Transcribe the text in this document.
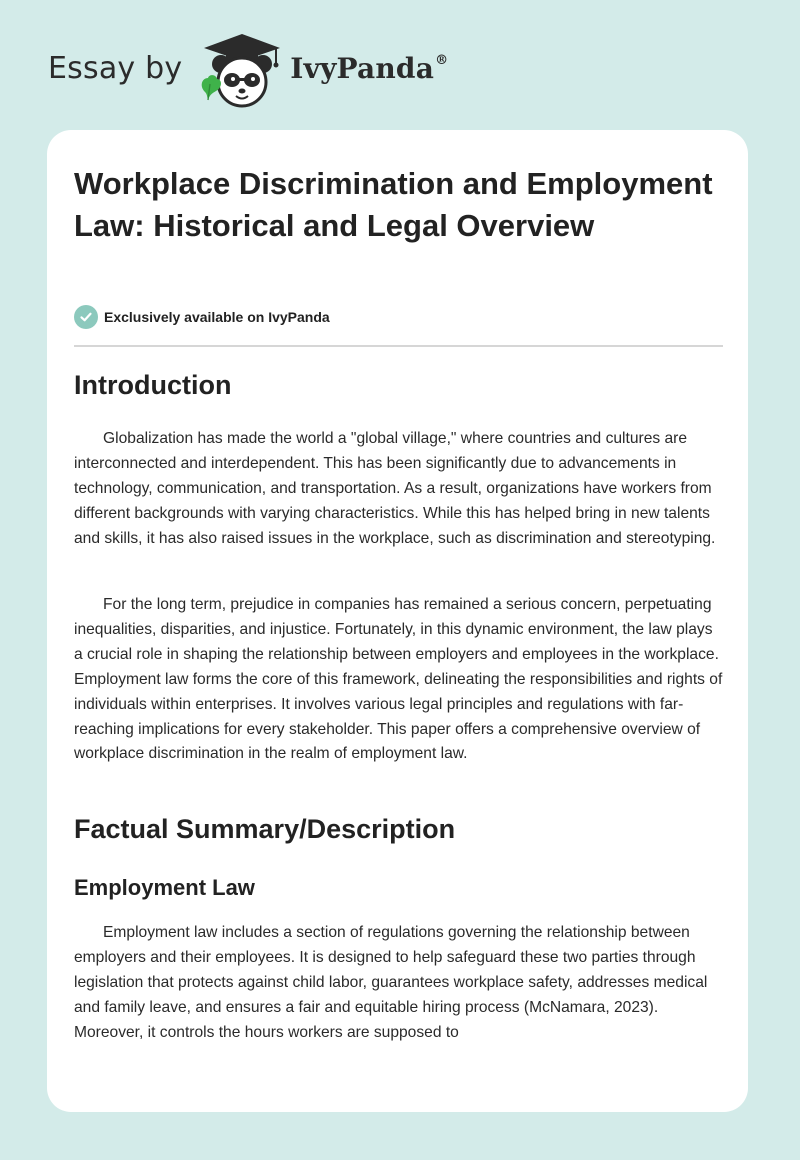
Essay by	IvyPanda®
Workplace Discrimination and Employment Law: Historical and Legal Overview
Exclusively available on IvyPanda
Introduction

Globalization has made the world a "global village," where countries and cultures are interconnected and interdependent. This has been significantly due to advancements in technology, communication, and transportation. As a result, organizations have workers from different backgrounds with varying characteristics. While this has helped bring in new talents and skills, it has also raised issues in the workplace, such as discrimination and stereotyping.

For the long term, prejudice in companies has remained a serious concern, perpetuating inequalities, disparities, and injustice. Fortunately, in this dynamic environment, the law plays a crucial role in shaping the relationship between employers and employees in the workplace. Employment law forms the core of this framework, delineating the responsibilities and rights of individuals within enterprises. It involves various legal principles and regulations with far-reaching implications for every stakeholder. This paper offers a comprehensive overview of workplace discrimination in the realm of employment law.

Factual Summary/Description
Employment Law

Employment law includes a section of regulations governing the relationship between employers and their employees. It is designed to help safeguard these two parties through legislation that protects against child labor, guarantees workplace safety, addresses medical and family leave, and ensures a fair and equitable hiring process (McNamara, 2023). Moreover, it controls the hours workers are supposed to
